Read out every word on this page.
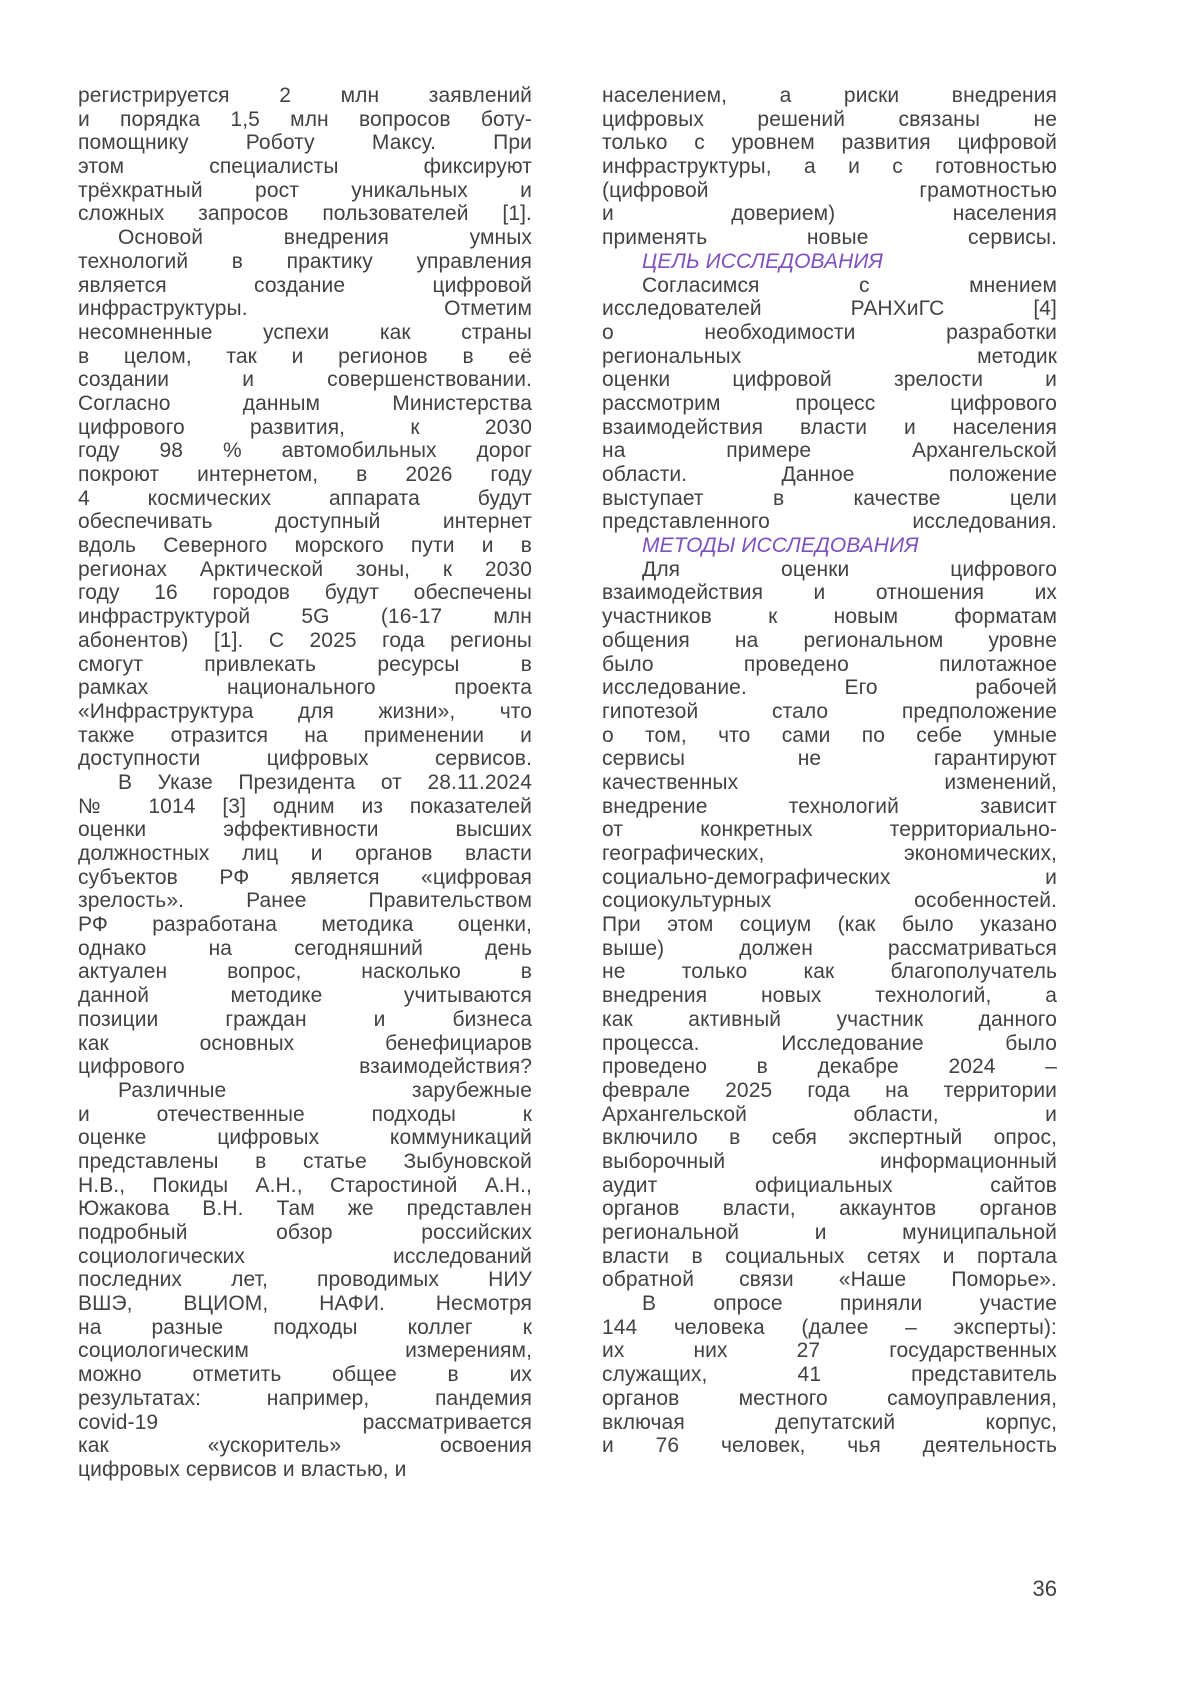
регистрируется 2 млн заявлений
и порядка 1,5 млн вопросов боту-
помощнику Роботу Максу. При
этом специалисты фиксируют
трёхкратный рост уникальных и
сложных запросов пользователей [1].
Основой внедрения умных
технологий в практику управления
является создание цифровой
инфраструктуры. Отметим
несомненные успехи как страны
в целом, так и регионов в её
создании и совершенствовании.
Согласно данным Министерства
цифрового развития, к 2030
году 98 % автомобильных дорог
покроют интернетом, в 2026 году
4 космических аппарата будут
обеспечивать доступный интернет
вдоль Северного морского пути и в
регионах Арктической зоны, к 2030
году 16 городов будут обеспечены
инфраструктурой 5G (16-17 млн
абонентов) [1]. С 2025 года регионы
смогут привлекать ресурсы в
рамках национального проекта
«Инфраструктура для жизни», что
также отразится на применении и
доступности цифровых сервисов.
В Указе Президента от 28.11.2024
№ 1014 [3] одним из показателей
оценки эффективности высших
должностных лиц и органов власти
субъектов РФ является «цифровая
зрелость». Ранее Правительством
РФ разработана методика оценки,
однако на сегодняшний день
актуален вопрос, насколько в
данной методике учитываются
позиции граждан и бизнеса
как основных бенефициаров
цифрового взаимодействия?
Различные зарубежные
и отечественные подходы к
оценке цифровых коммуникаций
представлены в статье Зыбуновской
Н.В., Покиды А.Н., Старостиной А.Н.,
Южакова В.Н. Там же представлен
подробный обзор российских
социологических исследований
последних лет, проводимых НИУ
ВШЭ, ВЦИОМ, НАФИ. Несмотря
на разные подходы коллег к
социологическим измерениям,
можно отметить общее в их
результатах: например, пандемия
covid-19 рассматривается
как «ускоритель» освоения
цифровых сервисов и властью, и
населением, а риски внедрения
цифровых решений связаны не
только с уровнем развития цифровой
инфраструктуры, а и с готовностью
(цифровой грамотностью
и доверием) населения
применять новые сервисы.
ЦЕЛЬ ИССЛЕДОВАНИЯ
Согласимся с мнением
исследователей РАНХиГС [4]
о необходимости разработки
региональных методик
оценки цифровой зрелости и
рассмотрим процесс цифрового
взаимодействия власти и населения
на примере Архангельской
области. Данное положение
выступает в качестве цели
представленного исследования.
МЕТОДЫ ИССЛЕДОВАНИЯ
Для оценки цифрового
взаимодействия и отношения их
участников к новым форматам
общения на региональном уровне
было проведено пилотажное
исследование. Его рабочей
гипотезой стало предположение
о том, что сами по себе умные
сервисы не гарантируют
качественных изменений,
внедрение технологий зависит
от конкретных территориально-
географических, экономических,
социально-демографических и
социокультурных особенностей.
При этом социум (как было указано
выше) должен рассматриваться
не только как благополучатель
внедрения новых технологий, а
как активный участник данного
процесса. Исследование было
проведено в декабре 2024 –
феврале 2025 года на территории
Архангельской области, и
включило в себя экспертный опрос,
выборочный информационный
аудит официальных сайтов
органов власти, аккаунтов органов
региональной и муниципальной
власти в социальных сетях и портала
обратной связи «Наше Поморье».
В опросе приняли участие
144 человека (далее – эксперты):
их них 27 государственных
служащих, 41 представитель
органов местного самоуправления,
включая депутатский корпус,
и 76 человек, чья деятельность
36
